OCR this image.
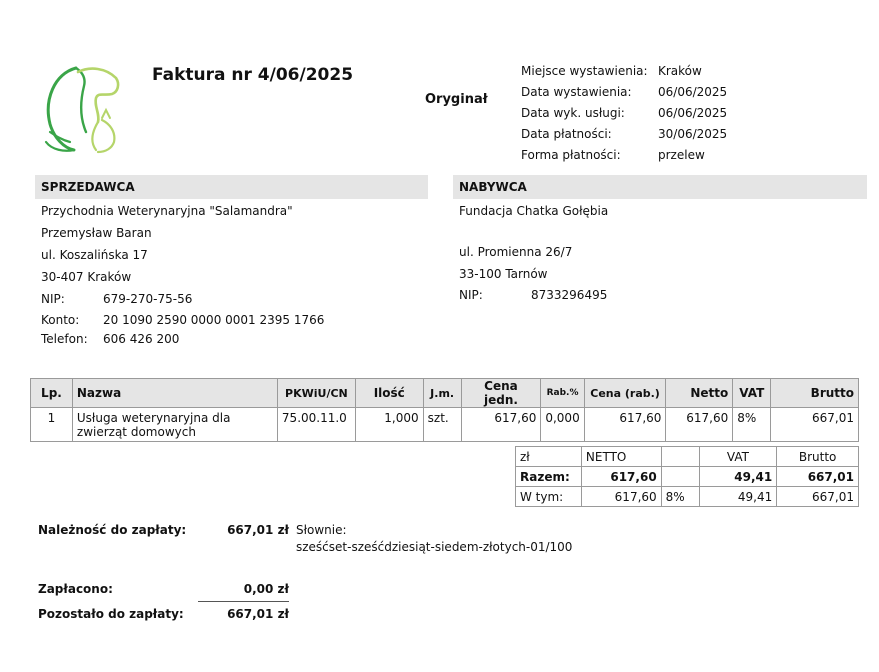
Faktura nr 4/06/2025
Oryginał
Miejsce wystawienia: Kraków
Data wystawienia: 06/06/2025
Data wyk. usługi:	06/06/2025
Data płatności:	30/06/2025
Forma płatności:	przelew
SPRZEDAWCA
Przychodnia Weterynaryjna "Salamandra"
Przemysław Baran
ul. Koszalińska 17
30-407 Kraków
NIP:	679-270-75-56
Konto: 20 1090 2590 0000 0001 2395 1766
Telefon: 606 426 200
NABYWCA
Fundacja Chatka Gołębia
ul. Promienna 26/7
33-100 Tarnów
NIP:	8733296495
Lp.	Nazwa	PKWiU/CN	Ilość	J.m.	Cena jedn.	Rab.%	Cena (rab.)	Netto	VAT	Brutto
1	Usługa weterynaryjna dla zwierząt domowych	75.00.11.0	1,000	szt.	617,60	0,000	617,60	617,60	8%	667,01
zł	NETTO		VAT	Brutto
Razem:	617,60		49,41	667,01
W tym:	617,60	8%	49,41	667,01
Należność do zapłaty:	667,01 zł Słownie:
sześćset-sześćdziesiąt-siedem-złotych-01/100
Zapłacono:	0,00 zł
Pozostało do zapłaty:	667,01 zł
